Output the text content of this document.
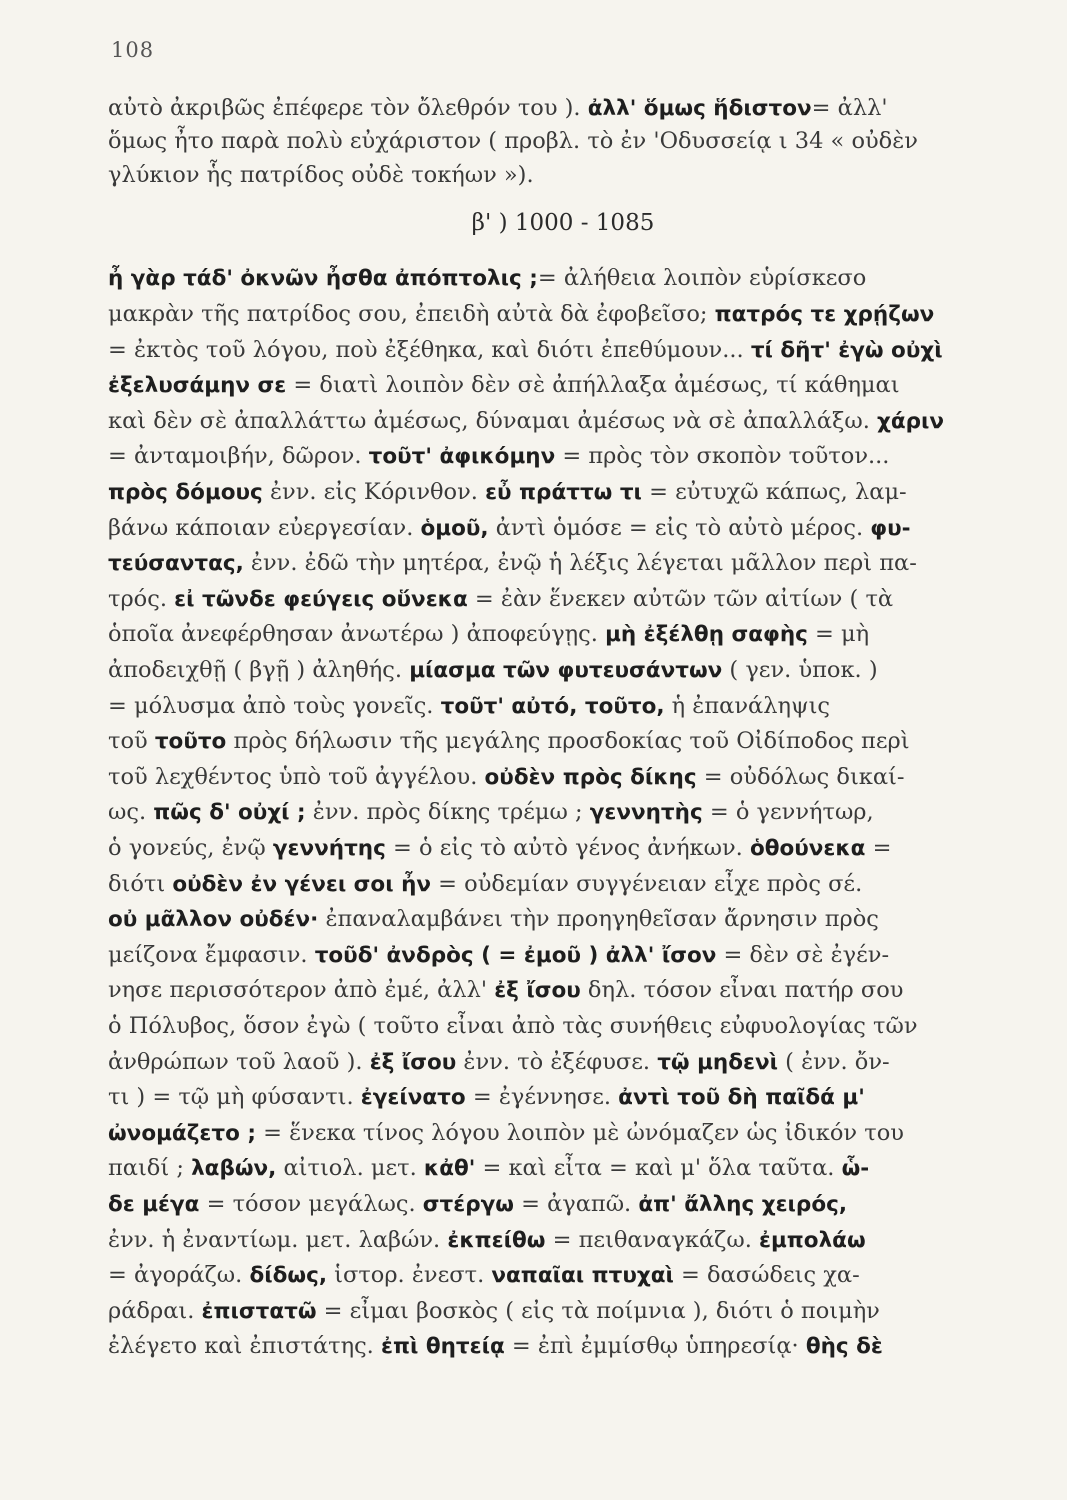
108
αὐτὸ ἀκριβῶς ἐπέφερε τὸν ὄλεθρόν του ). ἀλλ' ὅμως ἥδιστον= ἀλλ'
ὅμως ἦτο παρὰ πολὺ εὐχάριστον ( προβλ. τὸ ἐν 'Οδυσσείᾳ ι 34 « οὐδὲν
γλύκιον ἧς πατρίδος οὐδὲ τοκήων »).
β' ) 1000 - 1085
ἦ γὰρ τάδ' ὀκνῶν ἦσθα ἀπόπτολις ;= ἀλήθεια λοιπὸν εὑρίσκεσο
μακρὰν τῆς πατρίδος σου, ἐπειδὴ αὐτὰ δὰ ἐφοβεῖσο; πατρός τε χρῄζων
= ἐκτὸς τοῦ λόγου, ποὺ ἐξέθηκα, καὶ διότι ἐπεθύμουν... τί δῆτ' ἐγὼ οὐχὶ
ἐξελυσάμην σε = διατὶ λοιπὸν δὲν σὲ ἀπήλλαξα ἀμέσως, τί κάθημαι
καὶ δὲν σὲ ἀπαλλάττω ἀμέσως, δύναμαι ἀμέσως νὰ σὲ ἀπαλλάξω. χάριν
= ἀνταμοιβήν, δῶρον. τοῦτ' ἀφικόμην = πρὸς τὸν σκοπὸν τοῦτον...
πρὸς δόμους ἐνν. εἰς Κόρινθον. εὖ πράττω τι = εὐτυχῶ κάπως, λαμ-
βάνω κάποιαν εὐεργεσίαν. ὁμοῦ, ἀντὶ ὁμόσε = εἰς τὸ αὐτὸ μέρος. φυ-
τεύσαντας, ἐνν. ἐδῶ τὴν μητέρα, ἐνῷ ἡ λέξις λέγεται μᾶλλον περὶ πα-
τρός. εἰ τῶνδε φεύγεις οὕνεκα = ἐὰν ἕνεκεν αὐτῶν τῶν αἰτίων ( τὰ
ὁποῖα ἀνεφέρθησαν ἀνωτέρω ) ἀποφεύγῃς. μὴ ἐξέλθῃ σαφὴς = μὴ
ἀποδειχθῇ ( βγῇ ) ἀληθής. μίασμα τῶν φυτευσάντων ( γεν. ὑποκ. )
= μόλυσμα ἀπὸ τοὺς γονεῖς. τοῦτ' αὐτό, τοῦτο, ἡ ἐπανάληψις
τοῦ τοῦτο πρὸς δήλωσιν τῆς μεγάλης προσδοκίας τοῦ Οἰδίποδος περὶ
τοῦ λεχθέντος ὑπὸ τοῦ ἀγγέλου. οὐδὲν πρὸς δίκης = οὐδόλως δικαί-
ως. πῶς δ' οὐχί ; ἐνν. πρὸς δίκης τρέμω ; γεννητὴς = ὁ γεννήτωρ,
ὁ γονεύς, ἐνῷ γεννήτης = ὁ εἰς τὸ αὐτὸ γένος ἀνήκων. ὁθούνεκα =
διότι οὐδὲν ἐν γένει σοι ἦν = οὐδεμίαν συγγένειαν εἶχε πρὸς σέ.
οὐ μᾶλλον οὐδέν· ἐπαναλαμβάνει τὴν προηγηθεῖσαν ἄρνησιν πρὸς
μείζονα ἔμφασιν. τοῦδ' ἀνδρὸς ( = ἐμοῦ ) ἀλλ' ἴσον = δὲν σὲ ἐγέν-
νησε περισσότερον ἀπὸ ἐμέ, ἀλλ' ἐξ ἴσου δηλ. τόσον εἶναι πατήρ σου
ὁ Πόλυβος, ὅσον ἐγὼ ( τοῦτο εἶναι ἀπὸ τὰς συνήθεις εὐφυολογίας τῶν
ἀνθρώπων τοῦ λαοῦ ). ἐξ ἴσου ἐνν. τὸ ἐξέφυσε. τῷ μηδενὶ ( ἐνν. ὄν-
τι ) = τῷ μὴ φύσαντι. ἐγείνατο = ἐγέννησε. ἀντὶ τοῦ δὴ παῖδά μ'
ὠνομάζετο ; = ἕνεκα τίνος λόγου λοιπὸν μὲ ὠνόμαζεν ὡς ἰδικόν του
παιδί ; λαβών, αἰτιολ. μετ. κἀθ' = καὶ εἶτα = καὶ μ' ὅλα ταῦτα. ὧ-
δε μέγα = τόσον μεγάλως. στέργω = ἀγαπῶ. ἀπ' ἄλλης χειρός,
ἐνν. ἡ ἐναντίωμ. μετ. λαβών. ἐκπείθω = πειθαναγκάζω. ἐμπολάω
= ἀγοράζω. δίδως, ἱστορ. ἐνεστ. ναπαῖαι πτυχαὶ = δασώδεις χα-
ράδραι. ἐπιστατῶ = εἶμαι βοσκὸς ( εἰς τὰ ποίμνια ), διότι ὁ ποιμὴν
ἐλέγετο καὶ ἐπιστάτης. ἐπὶ θητείᾳ = ἐπὶ ἐμμίσθῳ ὑπηρεσίᾳ· θὴς δὲ
